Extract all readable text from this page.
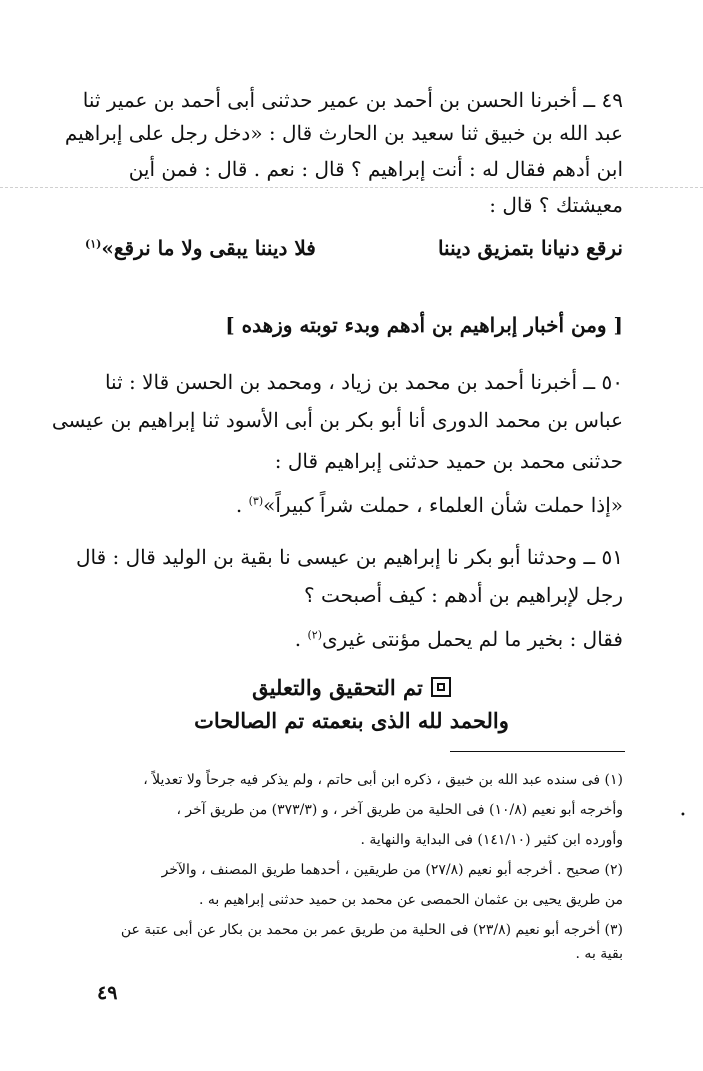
٤٩ ــ أخبرنا الحسن بن أحمد بن عمير حدثنى أبى أحمد بن عمير ثنا
عبد الله بن خبيق ثنا سعيد بن الحارث قال : «دخل رجل على إبراهيم
ابن أدهم فقال له : أنت إبراهيم ؟ قال : نعم . قال : فمن أين
معيشتك ؟ قال :
نرقع دنيانا بتمزيق ديننا
فلا ديننا يبقى ولا ما نرقع»$^{(١)}$
[ ومن أخبار إبراهيم بن أدهم وبدء توبته وزهده ]
٥٠ ــ أخبرنا أحمد بن محمد بن زياد ، ومحمد بن الحسن قالا : ثنا
عباس بن محمد الدورى أنا أبو بكر بن أبى الأسود ثنا إبراهيم بن عيسى
حدثنى محمد بن حميد حدثنى إبراهيم قال :
«إذا حملت شأن العلماء ، حملت شراً كبيراً»$^{(٣)}$ .
٥١ ــ وحدثنا أبو بكر نا إبراهيم بن عيسى نا بقية بن الوليد قال : قال
رجل لإبراهيم بن أدهم : كيف أصبحت ؟
فقال : بخير ما لم يحمل مؤنتى غيرى$^{(٢)}$ .
تم التحقيق والتعليق
والحمد لله الذى بنعمته تم الصالحات
(١) فى سنده عبد الله بن خبيق ، ذكره ابن أبى حاتم ، ولم يذكر فيه جرحاً ولا تعديلاً ،
وأخرجه أبو نعيم (١٠/٨) فى الحلية من طريق آخر ، و (٣٧٣/٣) من طريق آخر ،
وأورده ابن كثير (١٤١/١٠) فى البداية والنهاية .
(٢) صحيح . أخرجه أبو نعيم (٢٧/٨) من طريقين ، أحدهما طريق المصنف ، والآخر
من طريق يحيى بن عثمان الحمصى عن محمد بن حميد حدثنى إبراهيم به .
(٣) أخرجه أبو نعيم (٢٣/٨) فى الحلية من طريق عمر بن محمد بن بكار عن أبى عتبة عن
بقية به .
٤٩
•
